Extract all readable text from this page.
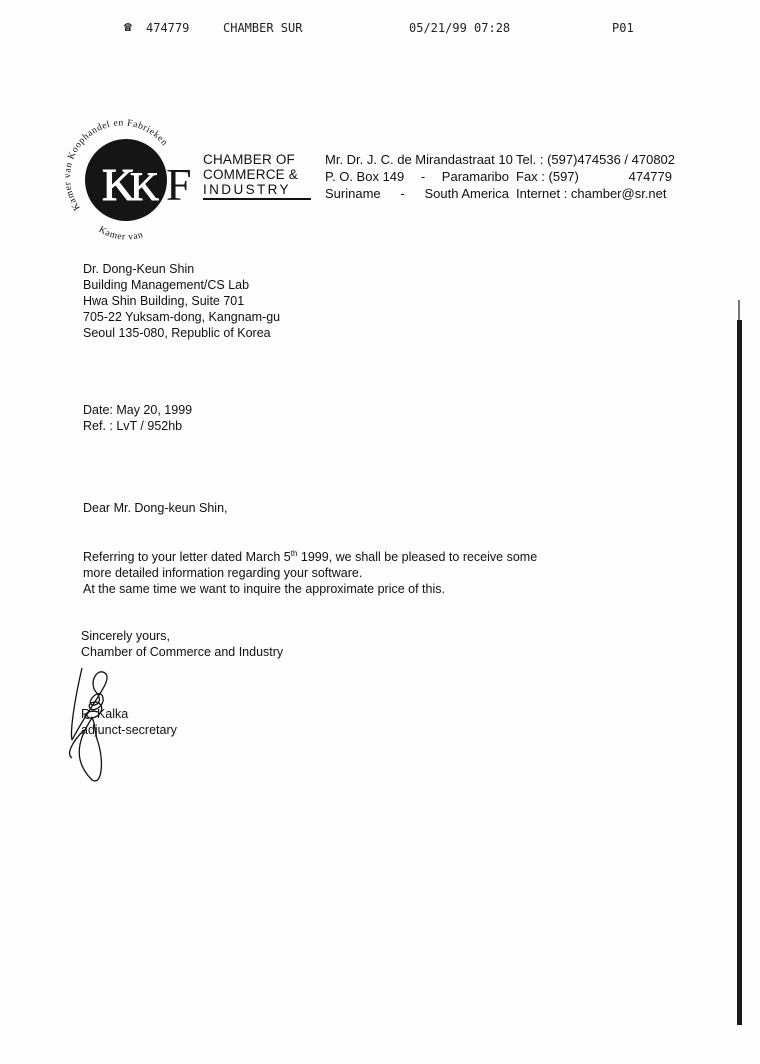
☎ 474779	CHAMBER SUR	05/21/99 07:28	P01
Kamer van Koophandel en Fabrieken
Kamer van
K
K F CHAMBER OF
COMMERCE &
INDUSTRY
Mr. Dr. J. C. de Mirandastraat 10
P. O. Box 149 - Paramaribo
Suriname - South America
Tel. : (597) 474536 / 470802
Fax : (597)	474779
Internet : chamber@sr.net
Dr. Dong-Keun Shin
Building Management/CS Lab
Hwa Shin Building, Suite 701
705-22 Yuksam-dong, Kangnam-gu
Seoul 135-080, Republic of Korea
Date: May 20, 1999
Ref. : LvT / 952hb
Dear Mr. Dong-keun Shin,
Referring to your letter dated March 5th 1999, we shall be pleased to receive some
more detailed information regarding your software.
At the same time we want to inquire the approximate price of this.
Sincerely yours,
Chamber of Commerce and Industry
R. Kalka
adjunct-secretary
